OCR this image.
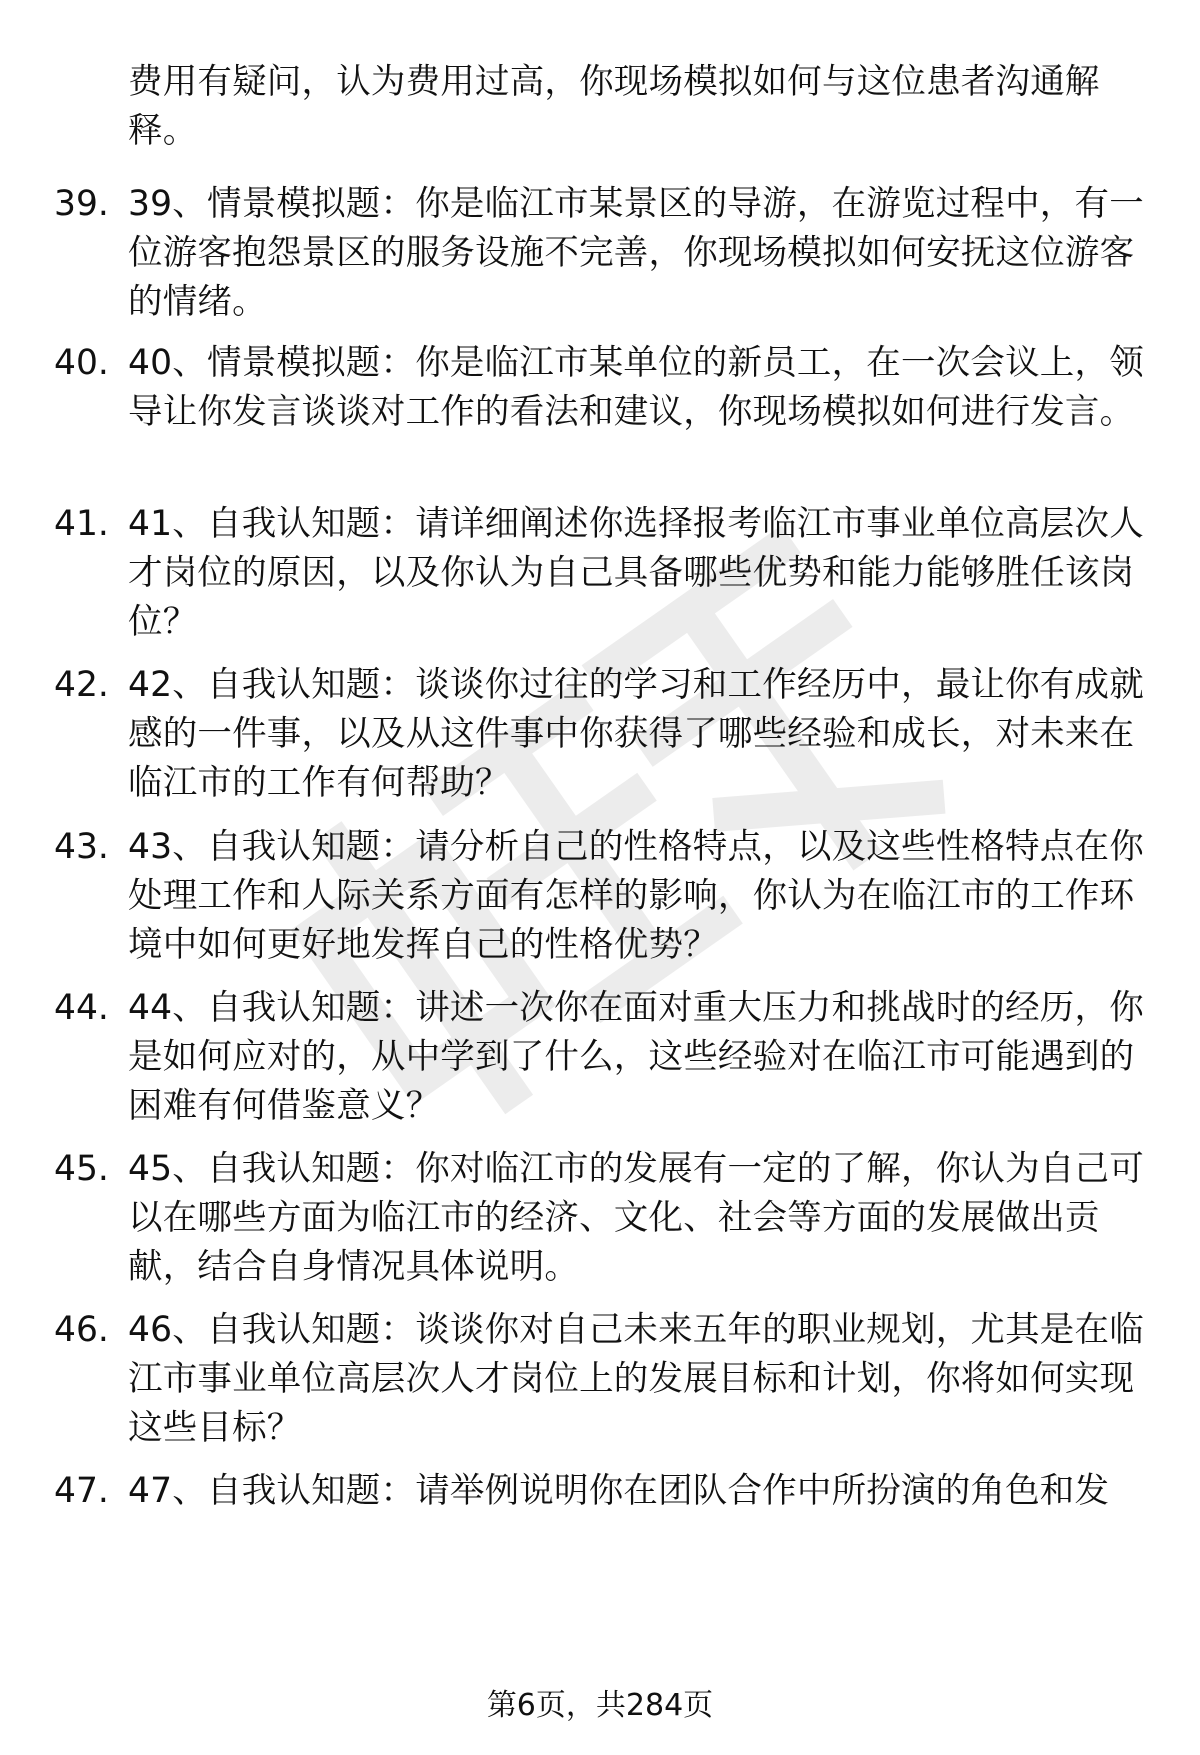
费用有疑问，认为费用过高，你现场模拟如何与这位患者沟通解释。

39. 39、情景模拟题：你是临江市某景区的导游，在游览过程中，有一位游客抱怨景区的服务设施不完善，你现场模拟如何安抚这位游客的情绪。

40. 40、情景模拟题：你是临江市某单位的新员工，在一次会议上，领导让你发言谈谈对工作的看法和建议，你现场模拟如何进行发言。

41. 41、自我认知题：请详细阐述你选择报考临江市事业单位高层次人才岗位的原因，以及你认为自己具备哪些优势和能力能够胜任该岗位？

42. 42、自我认知题：谈谈你过往的学习和工作经历中，最让你有成就感的一件事，以及从这件事中你获得了哪些经验和成长，对未来在临江市的工作有何帮助？

43. 43、自我认知题：请分析自己的性格特点，以及这些性格特点在你处理工作和人际关系方面有怎样的影响，你认为在临江市的工作环境中如何更好地发挥自己的性格优势？

44. 44、自我认知题：讲述一次你在面对重大压力和挑战时的经历，你是如何应对的，从中学到了什么，这些经验对在临江市可能遇到的困难有何借鉴意义？

45. 45、自我认知题：你对临江市的发展有一定的了解，你认为自己可以在哪些方面为临江市的经济、文化、社会等方面的发展做出贡献，结合自身情况具体说明。

46. 46、自我认知题：谈谈你对自己未来五年的职业规划，尤其是在临江市事业单位高层次人才岗位上的发展目标和计划，你将如何实现这些目标？

47. 47、自我认知题：请举例说明你在团队合作中所扮演的角色和发

第6页，共284页
